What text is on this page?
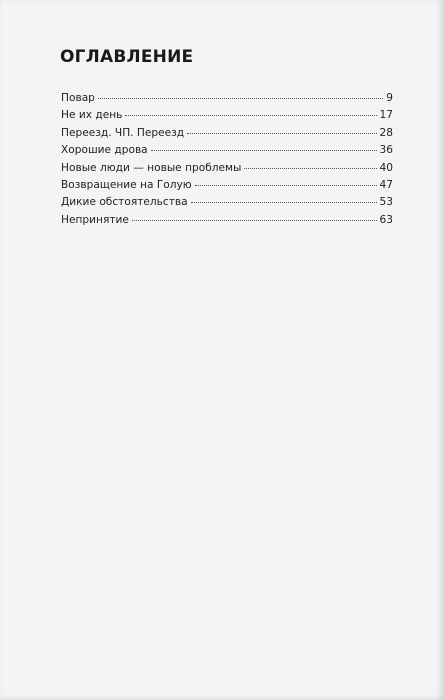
ОГЛАВЛЕНИЕ
Повар	9
Не их день	17
Переезд. ЧП. Переезд	28
Хорошие дрова	36
Новые люди — новые проблемы	40
Возвращение на Голую	47
Дикие обстоятельства	53
Непринятие	63
